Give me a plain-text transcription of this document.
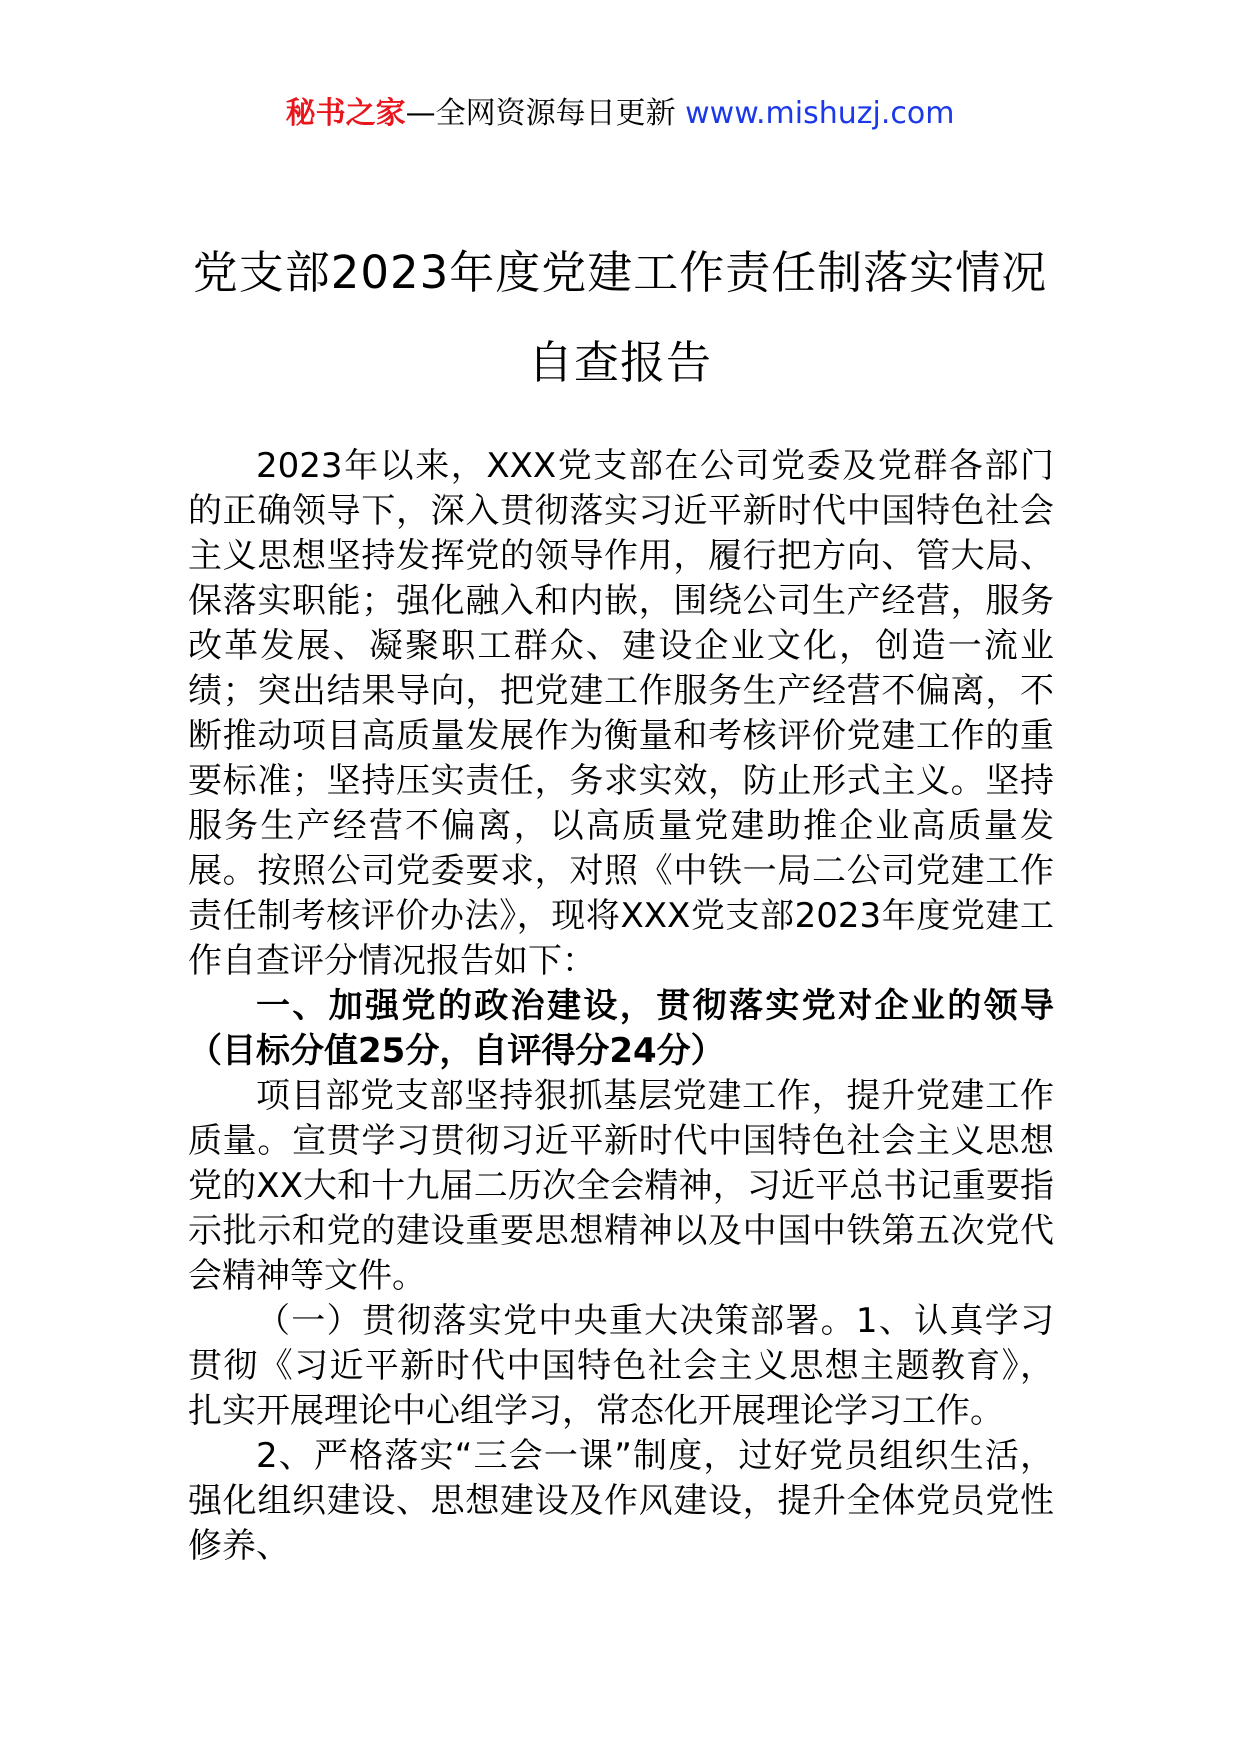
秘书之家—全网资源每日更新 www.mishuzj.com
党支部2023年度党建工作责任制落实情况
自查报告

2023年以来，XXX党支部在公司党委及党群各部门的正确领导下，深入贯彻落实习近平新时代中国特色社会主义思想坚持发挥党的领导作用，履行把方向、管大局、保落实职能；强化融入和内嵌，围绕公司生产经营，服务改革发展、凝聚职工群众、建设企业文化，创造一流业绩；突出结果导向，把党建工作服务生产经营不偏离，不断推动项目高质量发展作为衡量和考核评价党建工作的重要标准；坚持压实责任，务求实效，防止形式主义。坚持服务生产经营不偏离，以高质量党建助推企业高质量发展。按照公司党委要求，对照《中铁一局二公司党建工作责任制考核评价办法》，现将XXX党支部2023年度党建工作自查评分情况报告如下：

一、加强党的政治建设，贯彻落实党对企业的领导（目标分值25分，自评得分24分）

项目部党支部坚持狠抓基层党建工作，提升党建工作质量。宣贯学习贯彻习近平新时代中国特色社会主义思想党的XX大和十九届二历次全会精神，习近平总书记重要指示批示和党的建设重要思想精神以及中国中铁第五次党代会精神等文件。

（一）贯彻落实党中央重大决策部署。1、认真学习贯彻《习近平新时代中国特色社会主义思想主题教育》，扎实开展理论中心组学习，常态化开展理论学习工作。

2、严格落实“三会一课”制度，过好党员组织生活，强化组织建设、思想建设及作风建设，提升全体党员党性修养、
